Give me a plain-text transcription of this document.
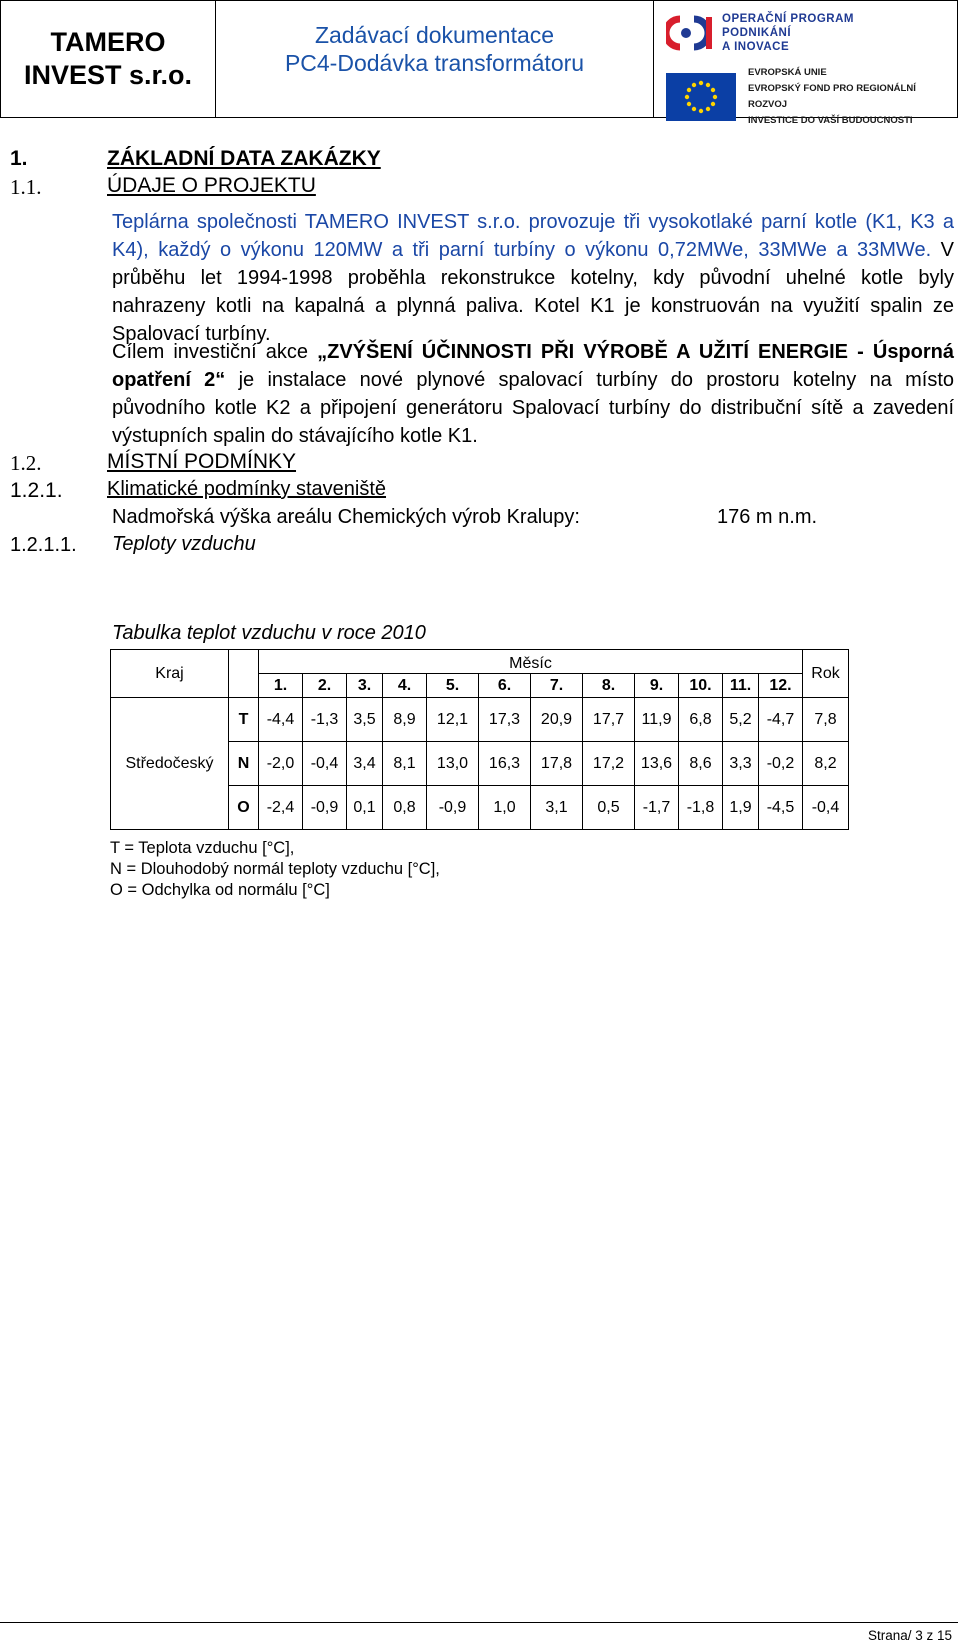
TAMERO
INVEST s.r.o.
Zadávací dokumentace
PC4-Dodávka transformátoru
OPERAČNÍ PROGRAM
PODNIKÁNÍ
A INOVACE
EVROPSKÁ UNIE
EVROPSKÝ FOND PRO REGIONÁLNÍ ROZVOJ
INVESTICE DO VAŠÍ BUDOUCNOSTI
1.	ZÁKLADNÍ DATA ZAKÁZKY
1.1.	ÚDAJE O PROJEKTU
Teplárna společnosti TAMERO INVEST s.r.o. provozuje tři vysokotlaké parní kotle (K1, K3 a K4), každý o výkonu 120MW a tři parní turbíny o výkonu 0,72MWe, 33MWe a 33MWe. V průběhu let 1994-1998 proběhla rekonstrukce kotelny, kdy původní uhelné kotle byly nahrazeny kotli na kapalná a plynná paliva. Kotel K1 je konstruován na využití spalin ze Spalovací turbíny.
Cílem investiční akce „ZVÝŠENÍ ÚČINNOSTI PŘI VÝROBĚ A UŽITÍ ENERGIE - Úsporná opatření 2“ je instalace nové plynové spalovací turbíny do prostoru kotelny na místo původního kotle K2 a připojení generátoru Spalovací turbíny do distribuční sítě a zavedení výstupních spalin do stávajícího kotle K1.
1.2.	MÍSTNÍ PODMÍNKY
1.2.1. Klimatické podmínky staveniště
Nadmořská výška areálu Chemických výrob Kralupy:	176 m n.m.
1.2.1.1. Teploty vzduchu
Tabulka teplot vzduchu v roce 2010
Kraj		Měsíc												Rok
		1.	2.	3.	4.	5.	6.	7.	8.	9.	10.	11.	12.	
Středočeský	T	-4,4	-1,3	3,5	8,9	12,1	17,3	20,9	17,7	11,9	6,8	5,2	-4,7	7,8
	N	-2,0	-0,4	3,4	8,1	13,0	16,3	17,8	17,2	13,6	8,6	3,3	-0,2	8,2
	O	-2,4	-0,9	0,1	0,8	-0,9	1,0	3,1	0,5	-1,7	-1,8	1,9	-4,5	-0,4
T = Teplota vzduchu [°C],
N = Dlouhodobý normál teploty vzduchu [°C],
O = Odchylka od normálu [°C]
Strana/ 3 z 15
